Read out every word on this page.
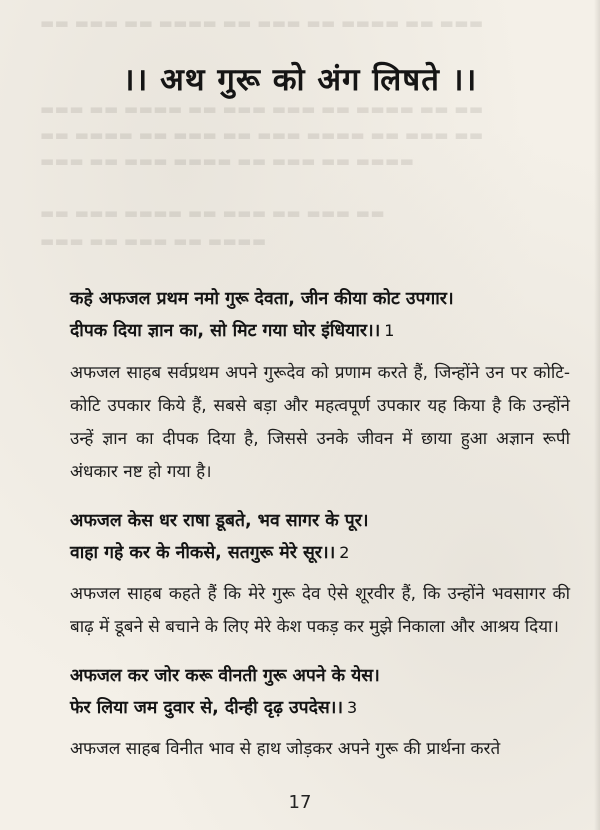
▬▬ ▬▬▬ ▬▬ ▬▬▬▬ ▬▬ ▬▬▬ ▬▬ ▬▬▬▬ ▬▬ ▬▬▬
▬▬▬ ▬▬ ▬▬▬▬ ▬▬ ▬▬▬ ▬▬▬ ▬▬ ▬▬▬▬ ▬▬ ▬▬
▬▬ ▬▬▬▬ ▬▬ ▬▬▬ ▬▬ ▬▬▬ ▬▬▬▬ ▬▬ ▬▬▬ ▬▬
▬▬▬ ▬▬ ▬▬▬ ▬▬▬▬ ▬▬ ▬▬▬ ▬▬ ▬▬▬▬
▬▬ ▬▬▬ ▬▬▬▬ ▬▬ ▬▬▬ ▬▬ ▬▬▬ ▬▬
▬▬▬ ▬▬ ▬▬▬ ▬▬ ▬▬▬▬
।। अथ गुरू को अंग लिषते ।।
कहे अफजल प्रथम नमो गुरू देवता, जीन कीया कोट उपगार।
दीपक दिया ज्ञान का, सो मिट गया घोर इंधियार।। 1
अफजल साहब सर्वप्रथम अपने गुरूदेव को प्रणाम करते हैं, जिन्होंने उन पर कोटि-कोटि उपकार किये हैं, सबसे बड़ा और महत्वपूर्ण उपकार यह किया है कि उन्होंने उन्हें ज्ञान का दीपक दिया है, जिससे उनके जीवन में छाया हुआ अज्ञान रूपी अंधकार नष्ट हो गया है।
अफजल केस धर राषा डूबते, भव सागर के पूर।
वाहा गहे कर के नीकसे, सतगुरू मेरे सूर।। 2
अफजल साहब कहते हैं कि मेरे गुरू देव ऐसे शूरवीर हैं, कि उन्होंने भवसागर की बाढ़ में डूबने से बचाने के लिए मेरे केश पकड़ कर मुझे निकाला और आश्रय दिया।
अफजल कर जोर करू वीनती गुरू अपने के येस।
फेर लिया जम दुवार से, दीन्ही दृढ़ उपदेस।। 3
अफजल साहब विनीत भाव से हाथ जोड़कर अपने गुरू की प्रार्थना करते
17
